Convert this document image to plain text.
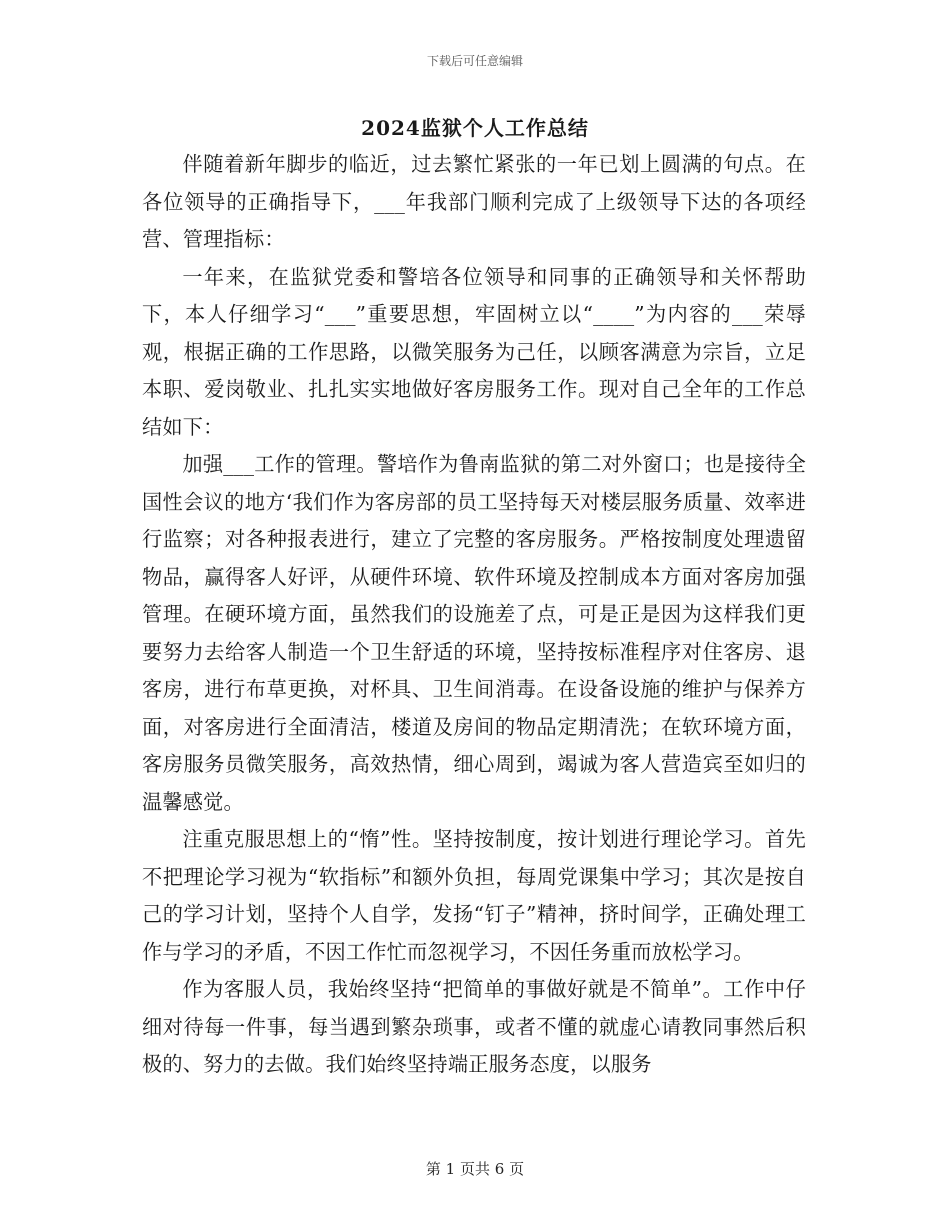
下载后可任意编辑
2024监狱个人工作总结

伴随着新年脚步的临近，过去繁忙紧张的一年已划上圆满的句点。在各位领导的正确指导下，___年我部门顺利完成了上级领导下达的各项经营、管理指标：

一年来，在监狱党委和警培各位领导和同事的正确领导和关怀帮助下，本人仔细学习“___”重要思想，牢固树立以“____”为内容的___荣辱观，根据正确的工作思路，以微笑服务为己任，以顾客满意为宗旨，立足本职、爱岗敬业、扎扎实实地做好客房服务工作。现对自己全年的工作总结如下：

加强___工作的管理。警培作为鲁南监狱的第二对外窗口；也是接待全国性会议的地方‘我们作为客房部的员工坚持每天对楼层服务质量、效率进行监察；对各种报表进行，建立了完整的客房服务。严格按制度处理遗留物品，赢得客人好评，从硬件环境、软件环境及控制成本方面对客房加强管理。在硬环境方面，虽然我们的设施差了点，可是正是因为这样我们更要努力去给客人制造一个卫生舒适的环境，坚持按标准程序对住客房、退客房，进行布草更换，对杯具、卫生间消毒。在设备设施的维护与保养方面，对客房进行全面清洁，楼道及房间的物品定期清洗；在软环境方面，客房服务员微笑服务，高效热情，细心周到，竭诚为客人营造宾至如归的温馨感觉。

注重克服思想上的“惰”性。坚持按制度，按计划进行理论学习。首先不把理论学习视为“软指标”和额外负担，每周党课集中学习；其次是按自己的学习计划，坚持个人自学，发扬“钉子”精神，挤时间学，正确处理工作与学习的矛盾，不因工作忙而忽视学习，不因任务重而放松学习。

作为客服人员，我始终坚持“把简单的事做好就是不简单”。工作中仔细对待每一件事，每当遇到繁杂琐事，或者不懂的就虚心请教同事然后积极的、努力的去做。我们始终坚持端正服务态度，以服务

第 1 页共 6 页
